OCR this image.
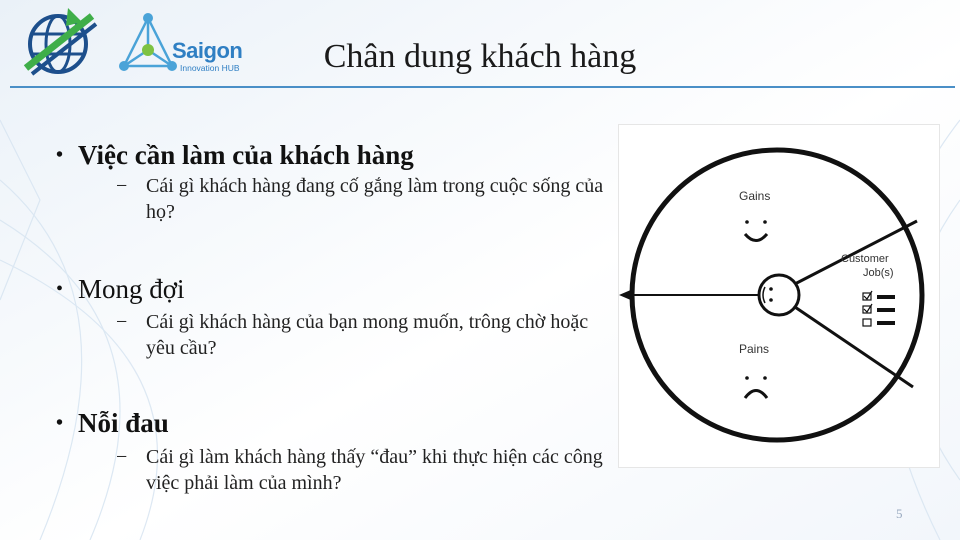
Saigon
Innovation HUB	Chân dung khách hàng
• Việc cần làm của khách hàng
− Cái gì khách hàng đang cố gắng làm trong cuộc sống của họ?
• Mong đợi
− Cái gì khách hàng của bạn mong muốn, trông chờ hoặc yêu cầu?
• Nỗi đau
− Cái gì làm khách hàng thấy “đau” khi thực hiện các công việc phải làm của mình?
Gains
Pains
Customer
Job(s)
5
